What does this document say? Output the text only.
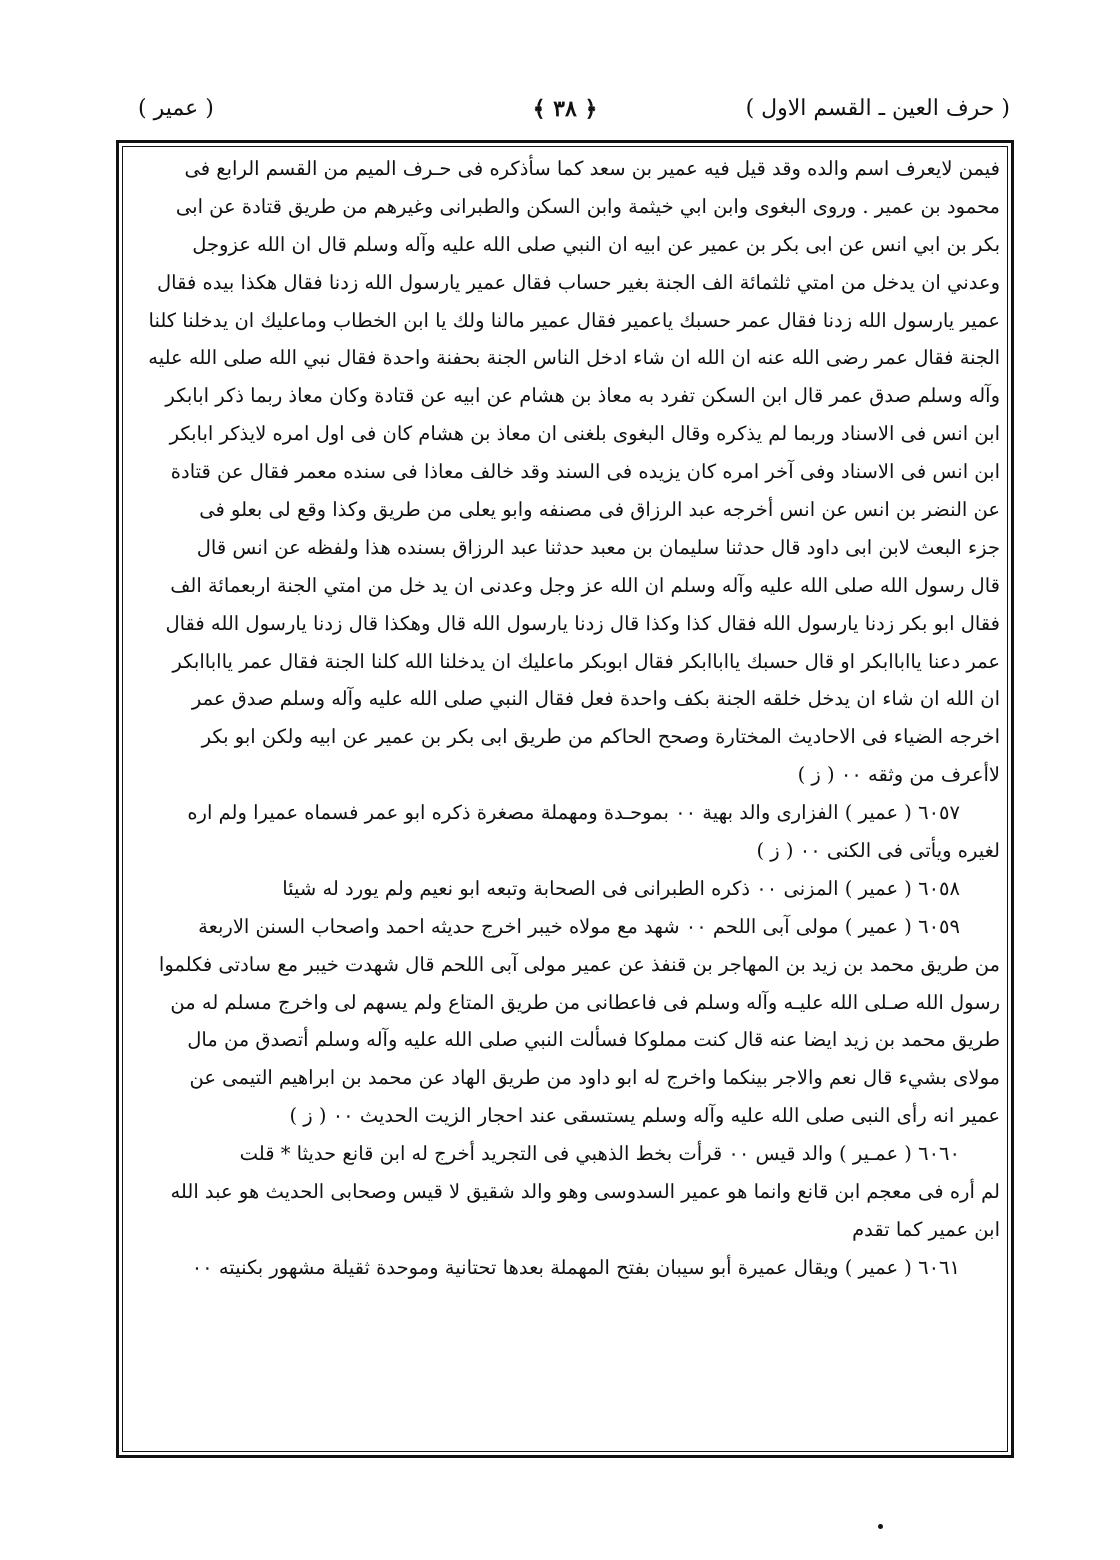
( حرف العين ـ القسم الاول )
﴿ ٣٨ ﴾
( عمير )
فيمن لايعرف اسم والده وقد قيل فيه عمير بن سعد كما سأذكره فى حـرف الميم من القسم الرابع فى
محمود بن عمير . وروى البغوى وابن ابي خيثمة وابن السكن والطبرانى وغيرهم من طريق قتادة عن ابى
بكر بن ابي انس عن ابى بكر بن عمير عن ابيه ان النبي صلى الله عليه وآله وسلم قال ان الله عزوجل
وعدني ان يدخل من امتي ثلثمائة الف الجنة بغير حساب فقال عمير يارسول الله زدنا فقال هكذا بيده فقال
عمير يارسول الله زدنا فقال عمر حسبك ياعمير فقال عمير مالنا ولك يا ابن الخطاب وماعليك ان يدخلنا كلنا
الجنة فقال عمر رضى الله عنه ان الله ان شاء ادخل الناس الجنة بحفنة واحدة فقال نبي الله صلى الله عليه
وآله وسلم صدق عمر قال ابن السكن تفرد به معاذ بن هشام عن ابيه عن قتادة وكان معاذ ربما ذكر ابابكر
ابن انس فى الاسناد وربما لم يذكره وقال البغوى بلغنى ان معاذ بن هشام كان فى اول امره لايذكر ابابكر
ابن انس فى الاسناد وفى آخر امره كان يزيده فى السند وقد خالف معاذا فى سنده معمر فقال عن قتادة
عن النضر بن انس عن انس أخرجه عبد الرزاق فى مصنفه وابو يعلى من طريق وكذا وقع لى بعلو فى
جزء البعث لابن ابى داود قال حدثنا سليمان بن معبد حدثنا عبد الرزاق بسنده هذا ولفظه عن انس قال
قال رسول الله صلى الله عليه وآله وسلم ان الله عز وجل وعدنى ان يد خل من امتي الجنة اربعمائة الف
فقال ابو بكر زدنا يارسول الله فقال كذا وكذا قال زدنا يارسول الله قال وهكذا قال زدنا يارسول الله فقال
عمر دعنا يااباابكر او قال حسبك يااباابكر فقال ابوبكر ماعليك ان يدخلنا الله كلنا الجنة فقال عمر يااباابكر
ان الله ان شاء ان يدخل خلقه الجنة بكف واحدة فعل فقال النبي صلى الله عليه وآله وسلم صدق عمر
اخرجه الضياء فى الاحاديث المختارة وصحح الحاكم من طريق ابى بكر بن عمير عن ابيه ولكن ابو بكر
لاأعرف من وثقه ٠٠ ( ز )
٦٠٥٧ ( عمير ) الفزارى والد بهية ٠٠ بموحـدة ومهملة مصغرة ذكره ابو عمر فسماه عميرا ولم اره
لغيره ويأتى فى الكنى ٠٠ ( ز )
٦٠٥٨ ( عمير ) المزنى ٠٠ ذكره الطبرانى فى الصحابة وتبعه ابو نعيم ولم يورد له شيئا
٦٠٥٩ ( عمير ) مولى آبى اللحم ٠٠ شهد مع مولاه خيبر اخرج حديثه احمد واصحاب السنن الاربعة
من طريق محمد بن زيد بن المهاجر بن قنفذ عن عمير مولى آبى اللحم قال شهدت خيبر مع سادتى فكلموا
رسول الله صـلى الله عليـه وآله وسلم فى فاعطانى من طريق المتاع ولم يسهم لى واخرج مسلم له من
طريق محمد بن زيد ايضا عنه قال كنت مملوكا فسألت النبي صلى الله عليه وآله وسلم أتصدق من مال
مولاى بشيء قال نعم والاجر بينكما واخرج له ابو داود من طريق الهاد عن محمد بن ابراهيم التيمى عن
عمير انه رأى النبى صلى الله عليه وآله وسلم يستسقى عند احجار الزيت الحديث ٠٠ ( ز )
٦٠٦٠ ( عمـير ) والد قيس ٠٠ قرأت بخط الذهبي فى التجريد أخرج له ابن قانع حديثا * قلت
لم أره فى معجم ابن قانع وانما هو عمير السدوسى وهو والد شقيق لا قيس وصحابى الحديث هو عبد الله
ابن عمير كما تقدم
٦٠٦١ ( عمير ) ويقال عميرة أبو سيبان بفتح المهملة بعدها تحتانية وموحدة ثقيلة مشهور بكنيته ٠٠
